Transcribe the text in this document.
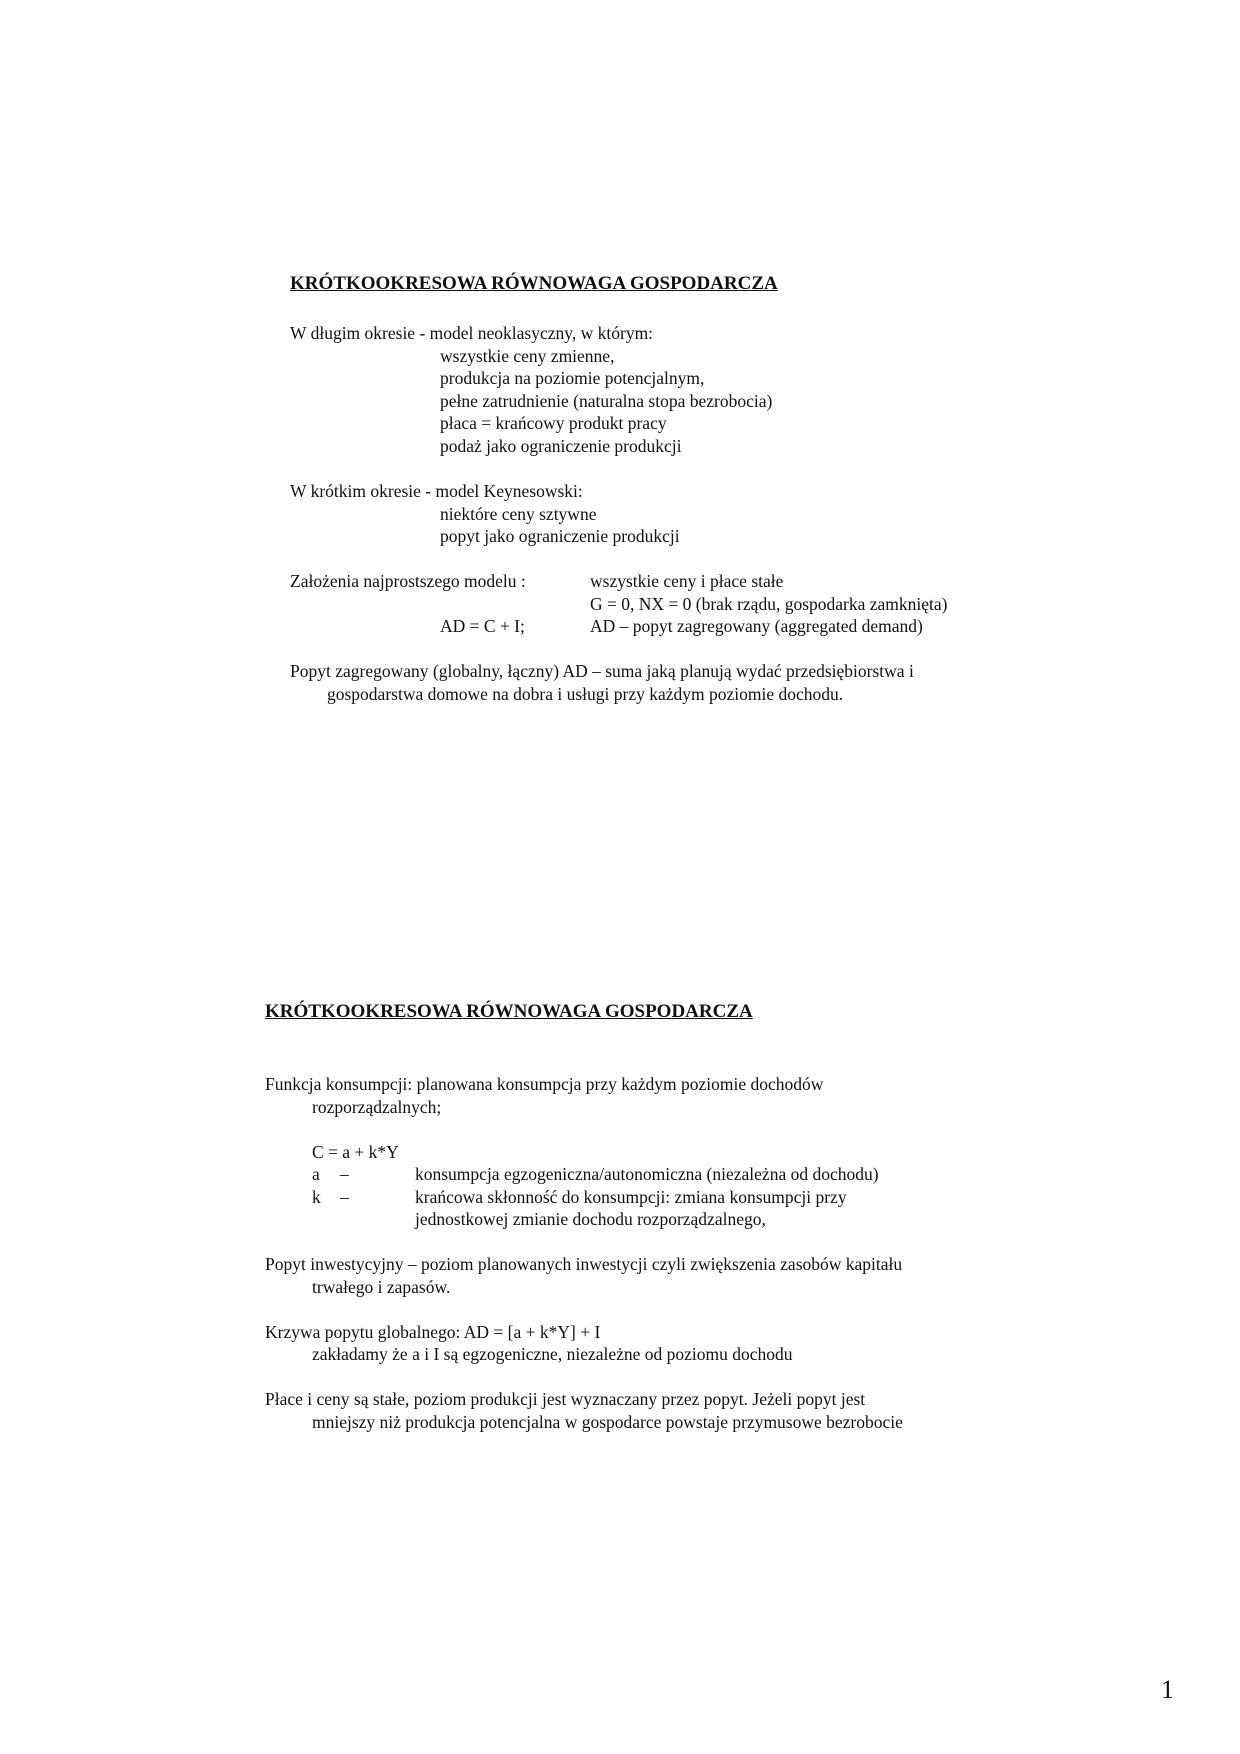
KRÓTKOOKRESOWA RÓWNOWAGA GOSPODARCZA
W długim okresie - model neoklasyczny, w którym:
wszystkie ceny zmienne,
produkcja na poziomie potencjalnym,
pełne zatrudnienie (naturalna stopa bezrobocia)
płaca = krańcowy produkt pracy
podaż jako ograniczenie produkcji
W krótkim okresie - model Keynesowski:
niektóre ceny sztywne
popyt jako ograniczenie produkcji
Założenia najprostszego modelu :	wszystkie ceny i płace stałe
G = 0, NX = 0 (brak rządu, gospodarka zamknięta)
AD = C + I;	AD – popyt zagregowany (aggregated demand)
Popyt zagregowany (globalny, łączny) AD – suma jaką planują wydać przedsiębiorstwa i
gospodarstwa domowe na dobra i usługi przy każdym poziomie dochodu.
KRÓTKOOKRESOWA RÓWNOWAGA GOSPODARCZA
Funkcja konsumpcji: planowana konsumpcja przy każdym poziomie dochodów
rozporządzalnych;
C = a + k*Y
a –	konsumpcja egzogeniczna/autonomiczna (niezależna od dochodu)
k –	krańcowa skłonność do konsumpcji: zmiana konsumpcji przy
jednostkowej zmianie dochodu rozporządzalnego,
Popyt inwestycyjny – poziom planowanych inwestycji czyli zwiększenia zasobów kapitału
trwałego i zapasów.
Krzywa popytu globalnego: AD = [a + k*Y] + I
zakładamy że a i I są egzogeniczne, niezależne od poziomu dochodu
Płace i ceny są stałe, poziom produkcji jest wyznaczany przez popyt. Jeżeli popyt jest
mniejszy niż produkcja potencjalna w gospodarce powstaje przymusowe bezrobocie
1
